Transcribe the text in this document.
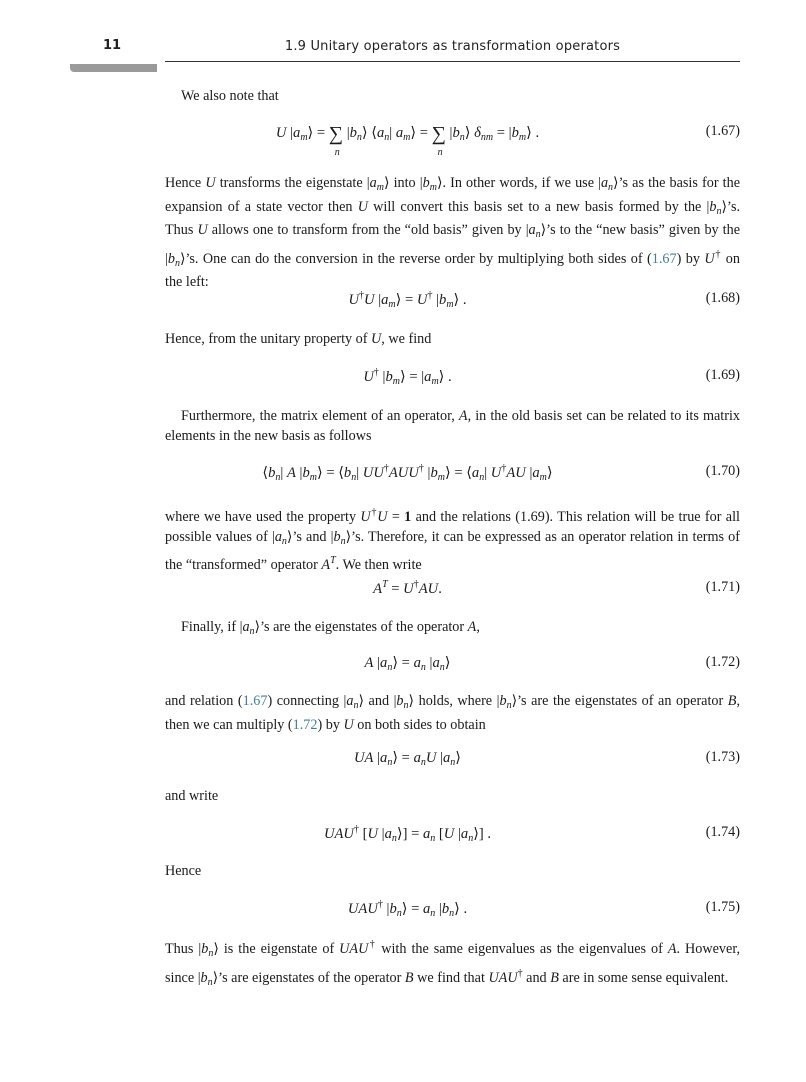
11	1.9 Unitary operators as transformation operators
We also note that
U $|a_m⟩$ = ∑
n
$|b_n⟩$ $⟨a_n|$ $a_m⟩$ = ∑
n
$|b_n⟩$ $\delta_{nm}$ = $|b_m⟩$ .	(1.67)
Hence U transforms the eigenstate $|a_m⟩$ into $|b_m⟩$. In other words, if we use $|a_n⟩’s$ as the basis for the expansion of a state vector then U will convert this basis set to a new basis formed by the $|b_n⟩’s$. Thus U allows one to transform from the “old basis” given by $|a_n⟩’s$ to the “new basis” given by the $|b_n⟩’s$. One can do the conversion in the reverse order by multiplying both sides of (1.67) by U† on the left:
U†U $|a_m⟩ = U^\dagger$ $|b_m⟩$ .	(1.68)
Hence, from the unitary property of U, we find
U† $|b_m⟩$ = $|a_m⟩$ .	(1.69)
Furthermore, the matrix element of an operator, A, in the old basis set can be related to its matrix elements in the new basis as follows
$⟨b_n|$ A $|b_m⟩$ = $⟨b_n|$ UU†AUU† $|b_m⟩$ = $⟨a_n|$ U†AU $|a_m⟩$	(1.70)
where we have used the property U†U = 1 and the relations (1.69). This relation will be true for all possible values of $|a_n⟩’s$ and $|b_n⟩’s$. Therefore, it can be expressed as an operator relation in terms of the “transformed” operator $A^T$. We then write
$A^T = U^\dagger AU$.	(1.71)
Finally, if $|a_n⟩’s$ are the eigenstates of the operator A,
A $|a_n⟩ = a_n$ $|a_n⟩$	(1.72)
and relation (1.67) connecting $|a_n⟩$ and $|b_n⟩$ holds, where $|b_n⟩’s$ are the eigenstates of an operator B, then we can multiply (1.72) by U on both sides to obtain
UA $|a_n⟩ = a_nU$ $|a_n⟩$	(1.73)
and write
UAU† [U $|a_n⟩] = a_n$ [U $|a_n⟩$] .	(1.74)
Hence
UAU† $|b_n⟩ = a_n$ $|b_n⟩$ .	(1.75)
Thus $|b_n⟩$ is the eigenstate of UAU† with the same eigenvalues as the eigenvalues of A. However, since $|b_n⟩’s$ are eigenstates of the operator B we find that UAU† and B are in some sense equivalent.
